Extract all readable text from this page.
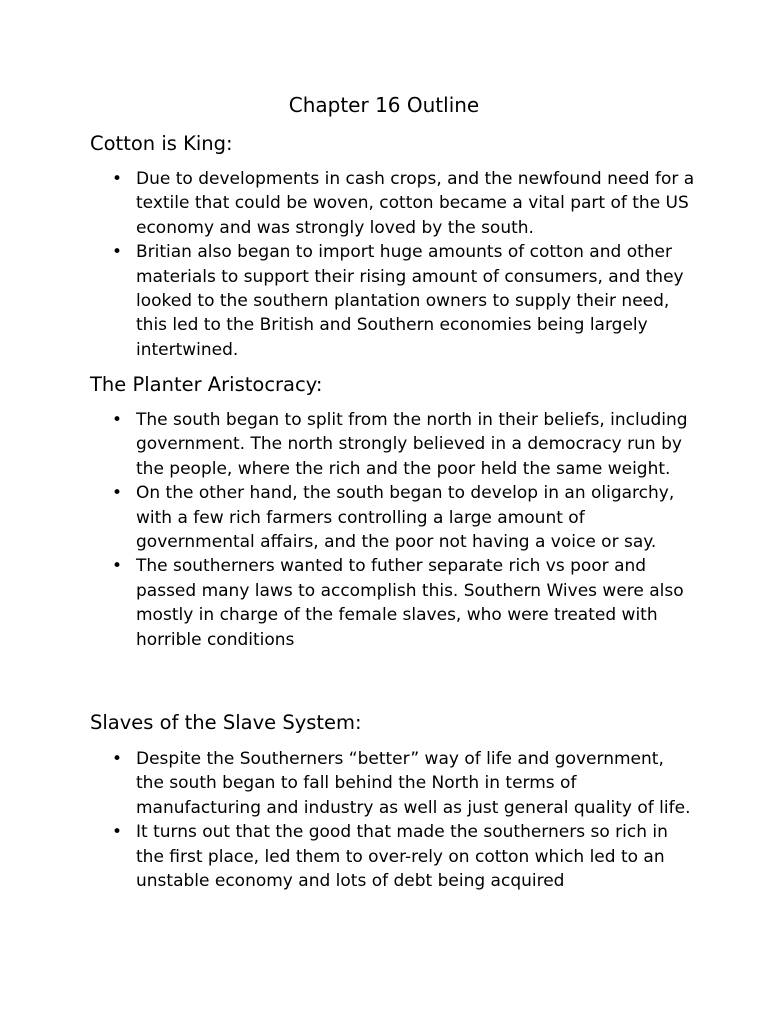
Chapter 16 Outline
Cotton is King:
• Due to developments in cash crops, and the newfound need for a textile that could be woven, cotton became a vital part of the US economy and was strongly loved by the south.
• Britian also began to import huge amounts of cotton and other materials to support their rising amount of consumers, and they looked to the southern plantation owners to supply their need, this led to the British and Southern economies being largely intertwined.
The Planter Aristocracy:
• The south began to split from the north in their beliefs, including government. The north strongly believed in a democracy run by the people, where the rich and the poor held the same weight.
• On the other hand, the south began to develop in an oligarchy, with a few rich farmers controlling a large amount of governmental affairs, and the poor not having a voice or say.
• The southerners wanted to futher separate rich vs poor and passed many laws to accomplish this. Southern Wives were also mostly in charge of the female slaves, who were treated with horrible conditions
Slaves of the Slave System:
• Despite the Southerners “better” way of life and government, the south began to fall behind the North in terms of manufacturing and industry as well as just general quality of life.
• It turns out that the good that made the southerners so rich in the first place, led them to over-rely on cotton which led to an unstable economy and lots of debt being acquired
